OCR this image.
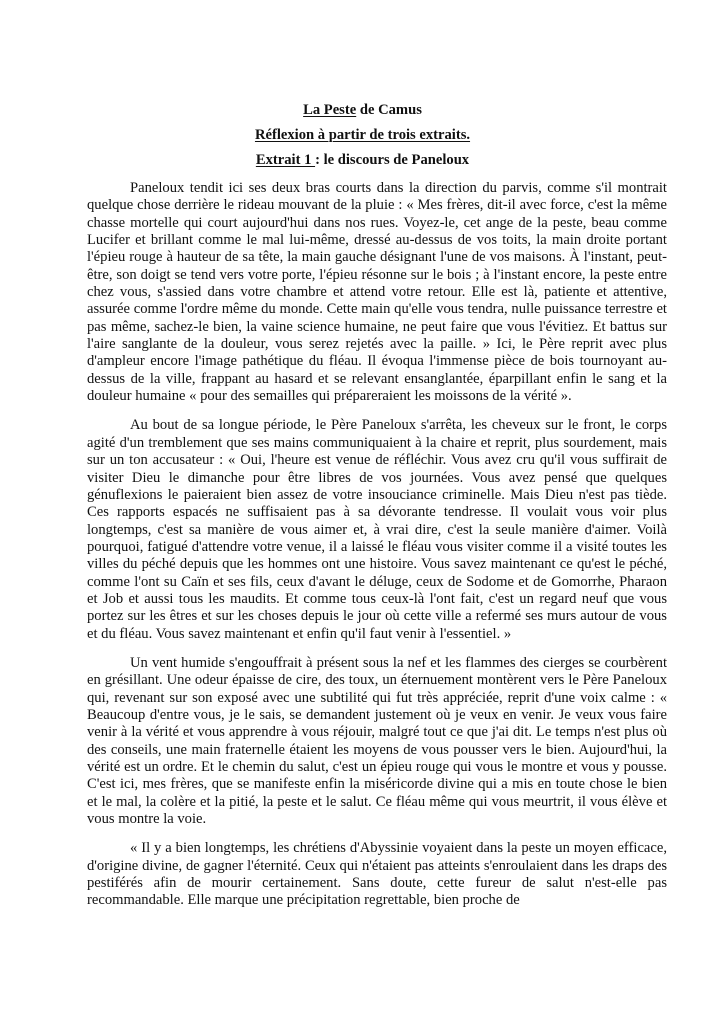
La Peste de Camus
Réflexion à partir de trois extraits.
Extrait 1 : le discours de Paneloux

Paneloux tendit ici ses deux bras courts dans la direction du parvis, comme s'il montrait quelque chose derrière le rideau mouvant de la pluie : « Mes frères, dit-il avec force, c'est la même chasse mortelle qui court aujourd'hui dans nos rues. Voyez-le, cet ange de la peste, beau comme Lucifer et brillant comme le mal lui-même, dressé au-dessus de vos toits, la main droite portant l'épieu rouge à hauteur de sa tête, la main gauche désignant l'une de vos maisons. À l'instant, peut-être, son doigt se tend vers votre porte, l'épieu résonne sur le bois ; à l'instant encore, la peste entre chez vous, s'assied dans votre chambre et attend votre retour. Elle est là, patiente et attentive, assurée comme l'ordre même du monde. Cette main qu'elle vous tendra, nulle puissance terrestre et pas même, sachez-le bien, la vaine science humaine, ne peut faire que vous l'évitiez. Et battus sur l'aire sanglante de la douleur, vous serez rejetés avec la paille. » Ici, le Père reprit avec plus d'ampleur encore l'image pathétique du fléau. Il évoqua l'immense pièce de bois tournoyant au-dessus de la ville, frappant au hasard et se relevant ensanglantée, éparpillant enfin le sang et la douleur humaine « pour des semailles qui prépareraient les moissons de la vérité ».

Au bout de sa longue période, le Père Paneloux s'arrêta, les cheveux sur le front, le corps agité d'un tremblement que ses mains communiquaient à la chaire et reprit, plus sourdement, mais sur un ton accusateur : « Oui, l'heure est venue de réfléchir. Vous avez cru qu'il vous suffirait de visiter Dieu le dimanche pour être libres de vos journées. Vous avez pensé que quelques génuflexions le paieraient bien assez de votre insouciance criminelle. Mais Dieu n'est pas tiède. Ces rapports espacés ne suffisaient pas à sa dévorante tendresse. Il voulait vous voir plus longtemps, c'est sa manière de vous aimer et, à vrai dire, c'est la seule manière d'aimer. Voilà pourquoi, fatigué d'attendre votre venue, il a laissé le fléau vous visiter comme il a visité toutes les villes du péché depuis que les hommes ont une histoire. Vous savez maintenant ce qu'est le péché, comme l'ont su Caïn et ses fils, ceux d'avant le déluge, ceux de Sodome et de Gomorrhe, Pharaon et Job et aussi tous les maudits. Et comme tous ceux-là l'ont fait, c'est un regard neuf que vous portez sur les êtres et sur les choses depuis le jour où cette ville a refermé ses murs autour de vous et du fléau. Vous savez maintenant et enfin qu'il faut venir à l'essentiel. »

Un vent humide s'engouffrait à présent sous la nef et les flammes des cierges se courbèrent en grésillant. Une odeur épaisse de cire, des toux, un éternuement montèrent vers le Père Paneloux qui, revenant sur son exposé avec une subtilité qui fut très appréciée, reprit d'une voix calme : « Beaucoup d'entre vous, je le sais, se demandent justement où je veux en venir. Je veux vous faire venir à la vérité et vous apprendre à vous réjouir, malgré tout ce que j'ai dit. Le temps n'est plus où des conseils, une main fraternelle étaient les moyens de vous pousser vers le bien. Aujourd'hui, la vérité est un ordre. Et le chemin du salut, c'est un épieu rouge qui vous le montre et vous y pousse. C'est ici, mes frères, que se manifeste enfin la miséricorde divine qui a mis en toute chose le bien et le mal, la colère et la pitié, la peste et le salut. Ce fléau même qui vous meurtrit, il vous élève et vous montre la voie.

« Il y a bien longtemps, les chrétiens d'Abyssinie voyaient dans la peste un moyen efficace, d'origine divine, de gagner l'éternité. Ceux qui n'étaient pas atteints s'enroulaient dans les draps des pestiférés afin de mourir certainement. Sans doute, cette fureur de salut n'est-elle pas recommandable. Elle marque une précipitation regrettable, bien proche de
